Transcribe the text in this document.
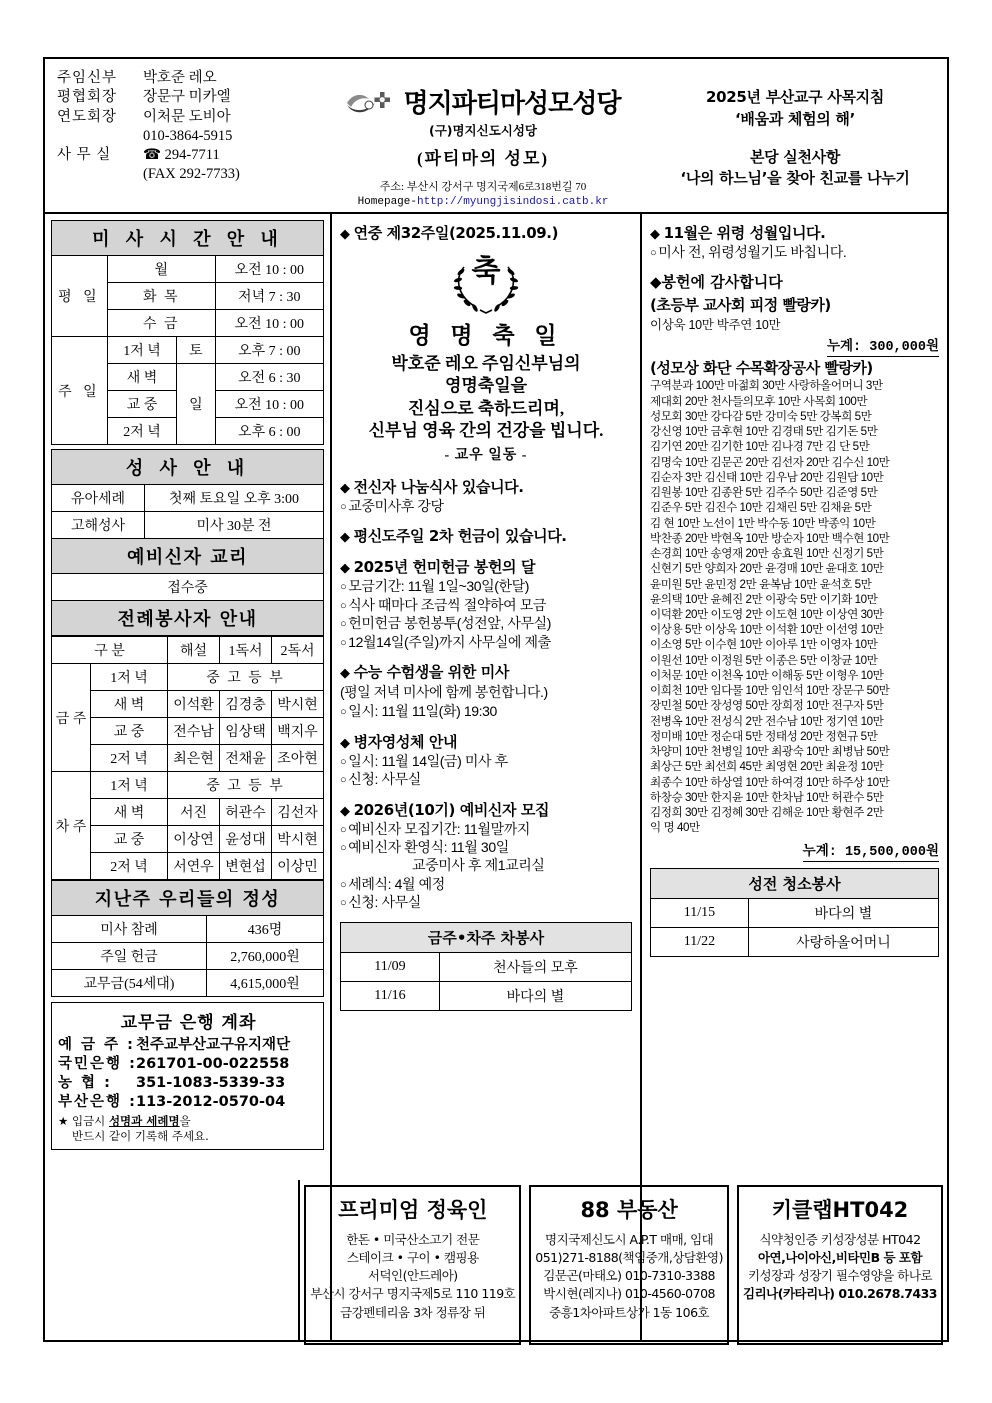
주임신부	박호준 레오
평협회장	장문구 미카엘
연도회장	이처문 도비아
010-3864-5915
사 무 실	☎ 294-7711
(FAX 292-7733)
명지파티마성모성당
(구)명지신도시성당
(파티마의 성모)
주소: 부산시 강서구 명지국제6로318번길 70
Homepage-http://myungjisindosi.catb.kr
2025년 부산교구 사목지침
‘배움과 체험의 해’
본당 실천사항
‘나의 하느님’을 찾아 친교를 나누기
미 사 시 간 안 내			
평 일	월		오전 10 : 00
	화 목		저녁 7 : 30
	수 금		오전 10 : 00
주 일	1저 녁	토	오후 7 : 00
	새 벽	일	오전 6 : 30
	교 중		오전 10 : 00
	2저 녁		오후 6 : 00
성 사 안 내	
유아세례	첫째 토요일 오후 3:00
고해성사	미사 30분 전
예비신자 교리	
접수중	
전례봉사자 안내	
구 분		해설	1독서	2독서
금 주	1저 녁	중 고 등 부		
	새 벽	이석환	김경충	박시현
	교 중	전수남	임상택	백지우
	2저 녁	최은현	전채윤	조아현
차 주	1저 녁	중 고 등 부		
	새 벽	서진	허관수	김선자
	교 중	이상연	윤성대	박시현
	2저 녁	서연우	변현섭	이상민
지난주 우리들의 정성	
미사 참례	436명
주일 헌금	2,760,000원
교무금(54세대)	4,615,000원
교무금 은행 계좌
예 금 주 :천주교부산교구유지재단
국민은행 :261701-00-022558
농 협 : 351-1083-5339-33
부산은행 :113-2012-0570-04
★ 입금시 성명과 세례명을
반드시 같이 기록해 주세요.
◆ 연중 제32주일(2025.11.09.)
축
영 명 축 일
박호준 레오 주임신부님의
영명축일을
진심으로 축하드리며,
신부님 영육 간의 건강을 빕니다.
- 교우 일동 -
◆ 전신자 나눔식사 있습니다.
○ 교중미사후 강당
◆ 평신도주일 2차 헌금이 있습니다.
◆ 2025년 헌미헌금 봉헌의 달
○ 모금기간: 11월 1일~30일(한달)
○ 식사 때마다 조금씩 절약하여 모금
○ 헌미헌금 봉헌봉투(성전앞, 사무실)
○ 12월14일(주일)까지 사무실에 제출
◆ 수능 수험생을 위한 미사
(평일 저녁 미사에 함께 봉헌합니다.)
○ 일시: 11월 11일(화) 19:30
◆ 병자영성체 안내
○ 일시: 11월 14일(금) 미사 후
○ 신청: 사무실
◆ 2026년(10기) 예비신자 모집
○ 예비신자 모집기간: 11월말까지
○ 예비신자 환영식: 11월 30일
교중미사 후 제1교리실
○ 세례식: 4월 예정
○ 신청: 사무실
금주•차주 차봉사	
11/09	천사들의 모후
11/16	바다의 별
◆ 11월은 위령 성월입니다.
○ 미사 전, 위령성월기도 바칩니다.
◆봉헌에 감사합니다
(초등부 교사회 피정 빨랑카)
이상욱 10만 박주연 10만
누계: 300,000원
(성모상 화단 수목확장공사 빨랑카)
구역분과 100만 마젊회 30만 사랑하올어머니 3만
제대회 20만 천사들의모후 10만 사목회 100만
성모회 30만 강다감 5만 강미숙 5만 강복희 5만
강신영 10만 금후현 10만 김경태 5만 김기돈 5만
김기연 20만 김기한 10만 김나경 7만 김 단 5만
김명숙 10만 김문곤 20만 김선자 20만 김수신 10만
김순자 3만 김신태 10만 김우남 20만 김원담 10만
김원봉 10만 김종완 5만 김주수 50만 김준영 5만
김준우 5만 김진수 10만 김채린 5만 김채윤 5만
김 현 10만 노선이 1만 박수동 10만 박종익 10만
박찬종 20만 박현옥 10만 방순자 10만 백수현 10만
손경희 10만 송영재 20만 송효원 10만 신정기 5만
신현기 5만 양희자 20만 윤경매 10만 윤대호 10만
윤미원 5만 윤민정 2만 윤복남 10만 윤석호 5만
윤의택 10만 윤혜진 2만 이광숙 5만 이기화 10만
이덕환 20만 이도영 2만 이도현 10만 이상연 30만
이상용 5만 이상욱 10만 이석환 10만 이선영 10만
이소영 5만 이수현 10만 이아루 1만 이영자 10만
이원선 10만 이정원 5만 이종은 5만 이창균 10만
이처문 10만 이천옥 10만 이해동 5만 이형우 10만
이희천 10만 임다물 10만 임인석 10만 장문구 50만
장민철 50만 장성영 50만 장희정 10만 전구자 5만
전병옥 10만 전성식 2만 전수남 10만 정기연 10만
정미배 10만 정순대 5만 정태성 20만 정현규 5만
차양미 10만 천병일 10만 최광숙 10만 최병남 50만
최상근 5만 최선희 45만 최영현 20만 최윤정 10만
최종수 10만 하상열 10만 하여경 10만 하주상 10만
하창승 30만 한지윤 10만 한차남 10만 허관수 5만
김정희 30만 김정혜 30만 김해운 10만 황현주 2만
익 명 40만
누계: 15,500,000원
성전 청소봉사	
11/15	바다의 별
11/22	사랑하올어머니
프리미엄 정육인
한돈 • 미국산소고기 전문
스테이크 • 구이 • 캠핑용
서덕인(안드레아)
부산시 강서구 명지국제5로 110 119호
금강펜테리움 3차 정류장 뒤
88 부동산
명지국제신도시 A.P.T 매매, 임대
051)271-8188(책임중개,상담환영)
김문곤(마태오) 010-7310-3388
박시현(레지나) 010-4560-0708
중흥1차아파트상가 1동 106호
키클랩HT042
식약청인증 키성장성분 HT042
아연,나이아신,비타민B 등 포함
키성장과 성장기 필수영양을 하나로
김리나(카타리나) 010.2678.7433
